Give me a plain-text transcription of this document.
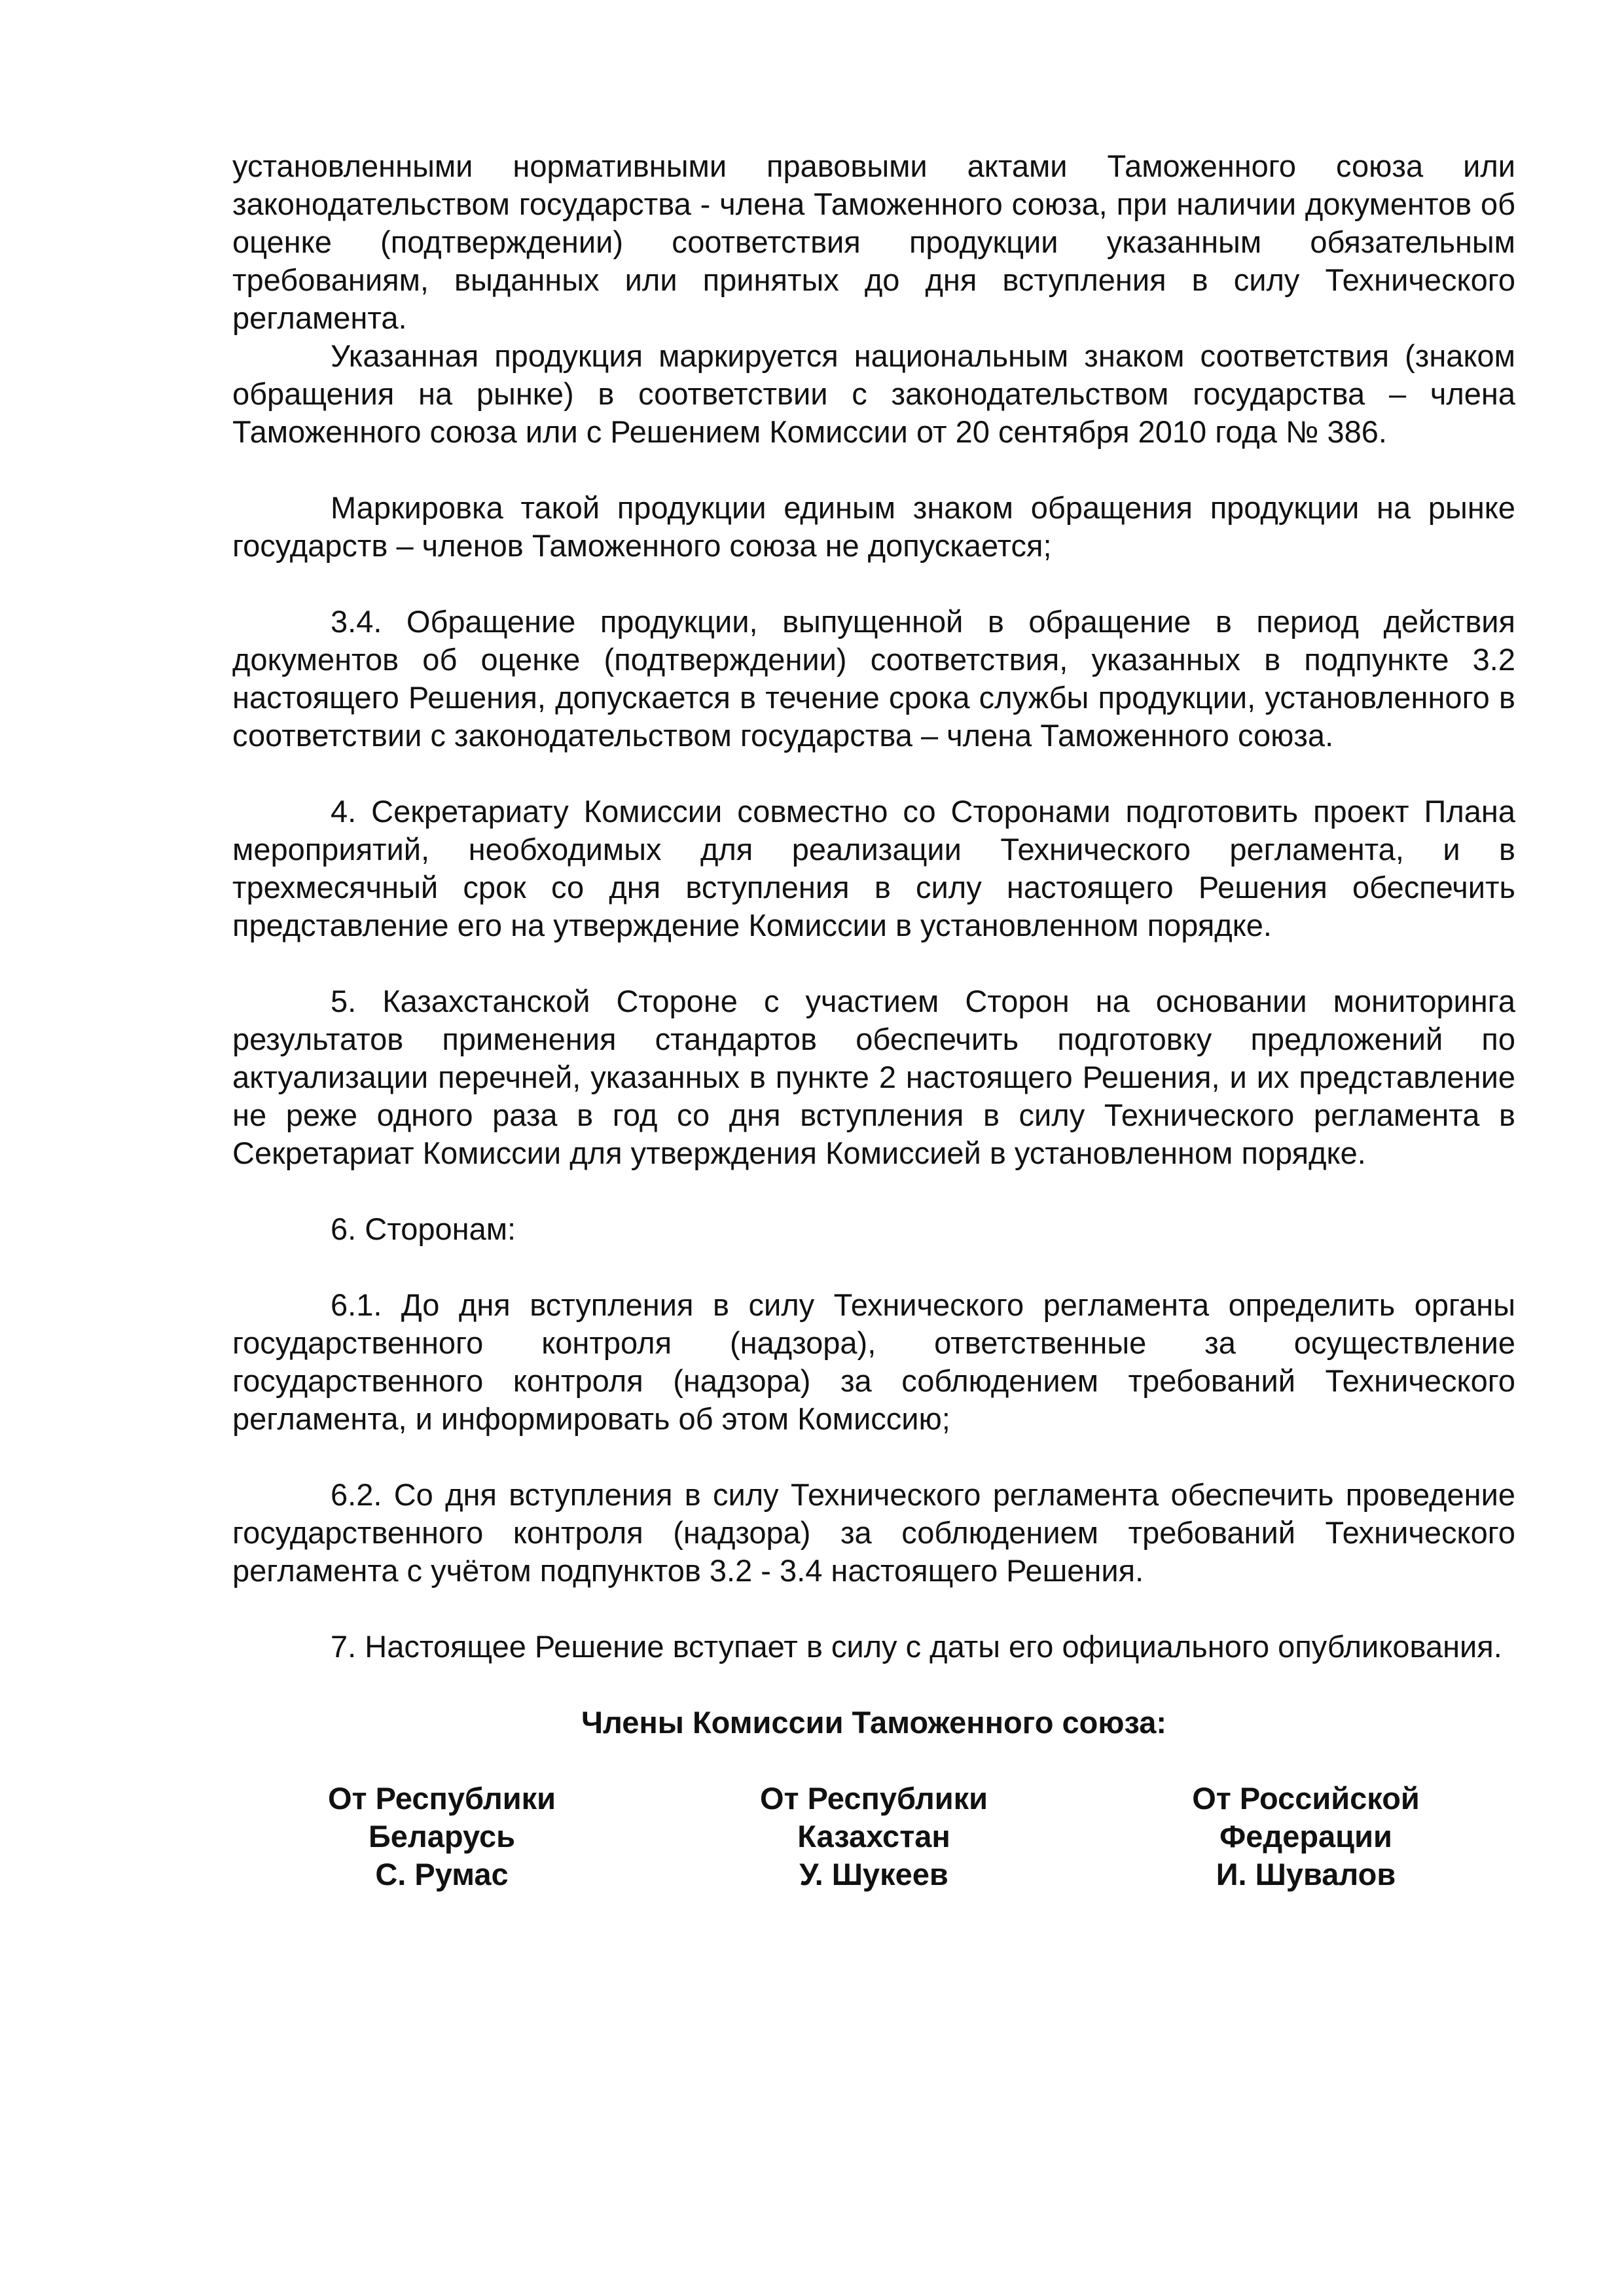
установленными нормативными правовыми актами Таможенного союза или законодательством государства - члена Таможенного союза, при наличии документов об оценке (подтверждении) соответствия продукции указанным обязательным требованиям, выданных или принятых до дня вступления в силу Технического регламента.

Указанная продукция маркируется национальным знаком соответствия (знаком обращения на рынке) в соответствии с законодательством государства – члена Таможенного союза или с Решением Комиссии от 20 сентября 2010 года № 386.

Маркировка такой продукции единым знаком обращения продукции на рынке государств – членов Таможенного союза не допускается;

3.4. Обращение продукции, выпущенной в обращение в период действия документов об оценке (подтверждении) соответствия, указанных в подпункте 3.2 настоящего Решения, допускается в течение срока службы продукции, установленного в соответствии с законодательством государства – члена Таможенного союза.

4. Секретариату Комиссии совместно со Сторонами подготовить проект Плана мероприятий, необходимых для реализации Технического регламента, и в трехмесячный срок со дня вступления в силу настоящего Решения обеспечить представление его на утверждение Комиссии в установленном порядке.

5. Казахстанской Стороне с участием Сторон на основании мониторинга результатов применения стандартов обеспечить подготовку предложений по актуализации перечней, указанных в пункте 2 настоящего Решения, и их представление не реже одного раза в год со дня вступления в силу Технического регламента в Секретариат Комиссии для утверждения Комиссией в установленном порядке.

6. Сторонам:

6.1. До дня вступления в силу Технического регламента определить органы государственного контроля (надзора), ответственные за осуществление государственного контроля (надзора) за соблюдением требований Технического регламента, и информировать об этом Комиссию;

6.2. Со дня вступления в силу Технического регламента обеспечить проведение государственного контроля (надзора) за соблюдением требований Технического регламента с учётом подпунктов 3.2 - 3.4 настоящего Решения.

7. Настоящее Решение вступает в силу с даты его официального опубликования.

Члены Комиссии Таможенного союза:
От Республики
Беларусь
С. Румас
От Республики
Казахстан
У. Шукеев
От Российской
Федерации
И. Шувалов
